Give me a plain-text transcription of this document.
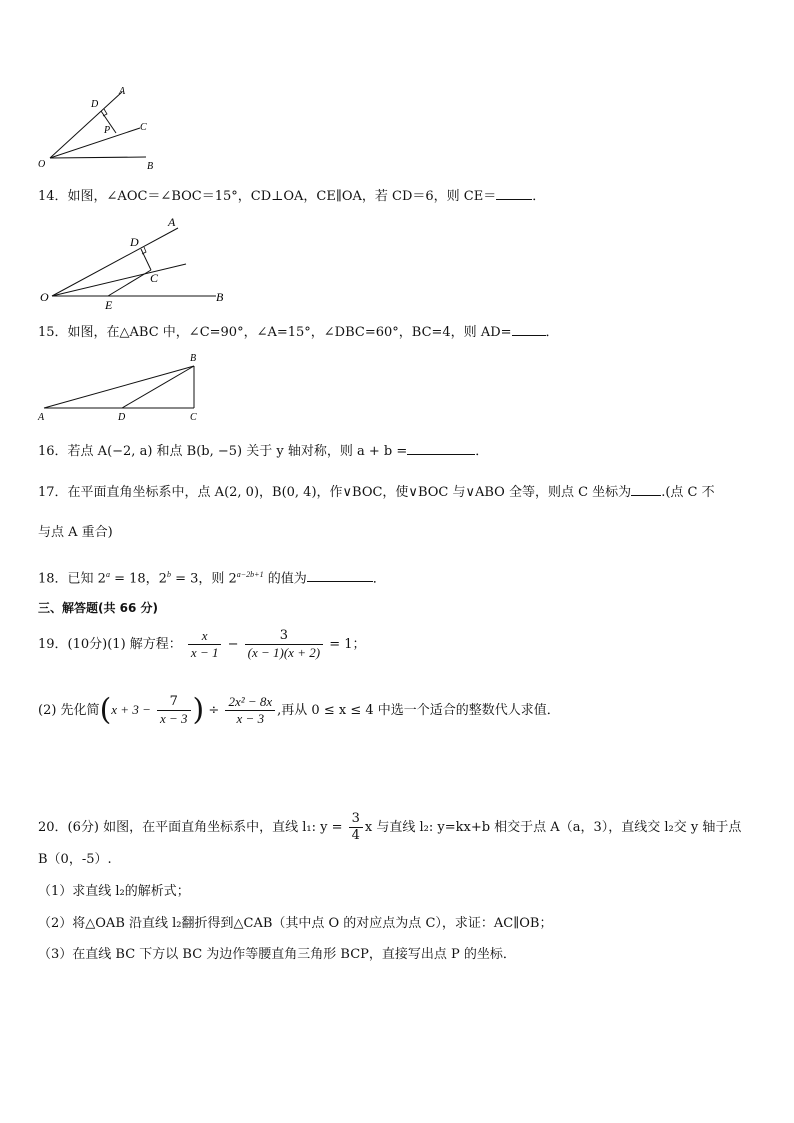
A
D
C
P
O	B
14．如图，∠AOC＝∠BOC＝15°，CD⊥OA，CE∥OA，若 CD＝6，则 CE＝	．
A
D
C
O
E
B
15．如图，在△ABC 中，∠C=90°，∠A=15°，∠DBC=60°，BC=4，则 AD=	．
B
A	D	C
16．若点 A(−2, a) 和点 B(b, −5) 关于 y 轴对称，则 a + b =	．
17．在平面直角坐标系中，点 A(2, 0)，B(0, 4)，作∨BOC，使∨BOC 与∨ABO 全等，则点 C 坐标为 .(点 C 不
与点 A 重合)
18．已知 $2^a = 18$，$2^b = 3$，则 $2^{a-2b+1}$ 的值为	．
三、解答题(共 66 分)
19．(10分)(1) 解方程： $\frac{x}{x - 1} - \frac{3}{(x - 1)(x + 2)} = 1$；
(2) 先化简($x + 3 - \frac{7}{x - 3}$ ) ÷ $\frac{\text{2x² − 8x}}{x - 3}$ ,再从 0 ≤ x ≤ 4 中选一个适合的整数代人求值．
20．(6分) 如图，在平面直角坐标系中，直线 l₁: $y = \frac{3}{4}$ x 与直线 l₂: y=kx+b 相交于点 A（a，3），直线交 l₂交 y 轴于点
B（0，-5）.
（1）求直线 l₂的解析式；
（2）将△OAB 沿直线 l₂翻折得到△CAB（其中点 O 的对应点为点 C），求证：AC∥OB；
（3）在直线 BC 下方以 BC 为边作等腰直角三角形 BCP，直接写出点 P 的坐标．
